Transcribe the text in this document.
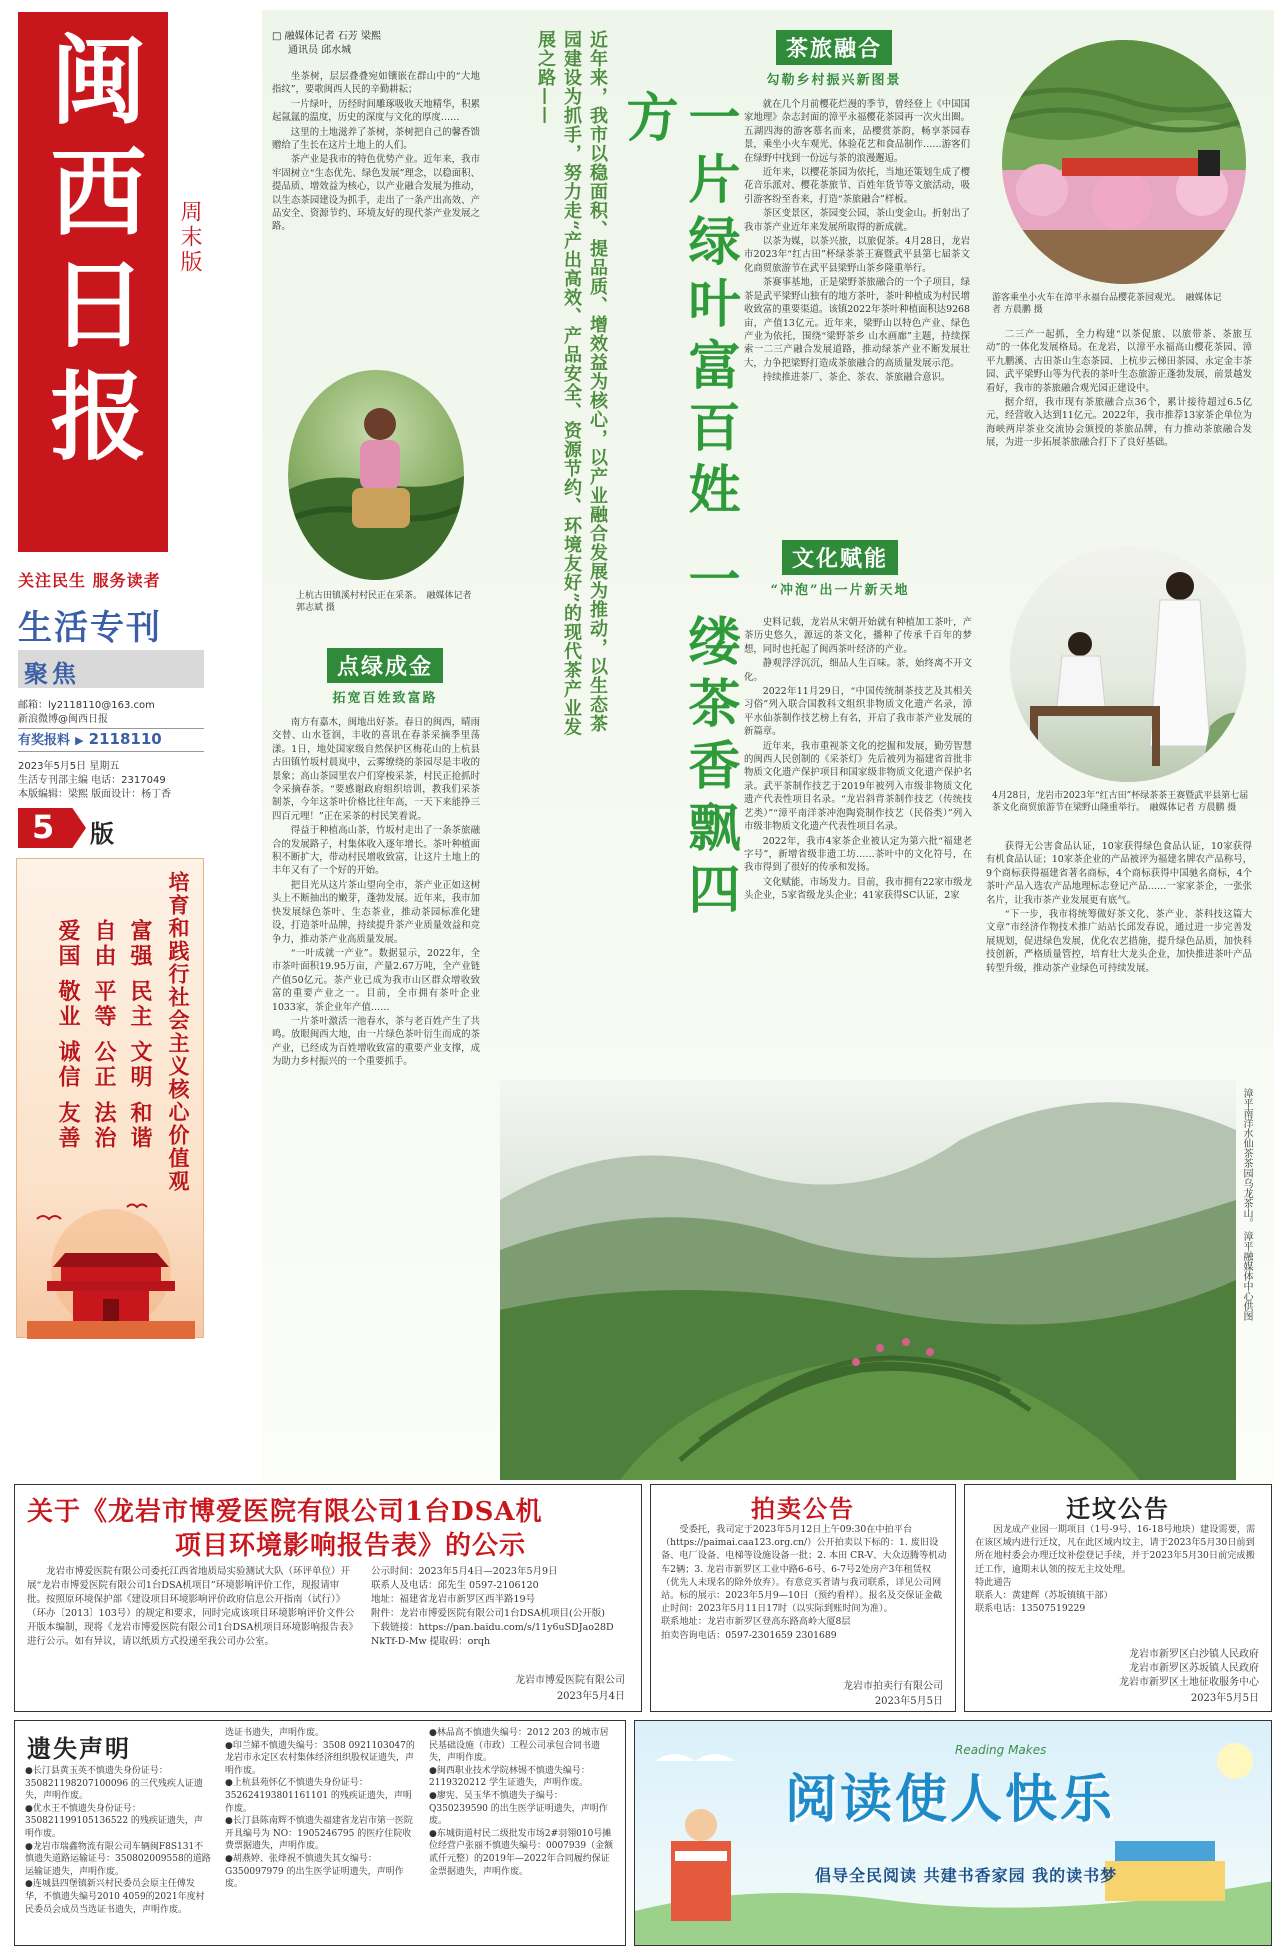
闽西日报 周末版
关注民生 服务读者
生活专刊
聚焦
邮箱：ly2118110@163.com
新浪微博@闽西日报
有奖报料 ▶ 2118110
2023年5月5日 星期五
生活专刊部主编 电话：2317049
本版编辑：梁熙 版面设计：杨丁香
5 版
培育和践行社会主义核心价值观
富强 民主 文明 和谐
自由 平等 公正 法治
爱国 敬业 诚信 友善
□ 融媒体记者 石芳 梁熙
通讯员 邱水城

坐茶树，层层叠叠宛如镶嵌在群山中的“大地指纹”，要歌闽西人民的辛勤耕耘；

一片绿叶，历经时间雕琢吸收天地精华，积累起氤氲的温度，历史的深度与文化的厚度……

这里的土地滋养了茶树，茶树把自己的馨香馈赠给了生长在这片土地上的人们。

茶产业是我市的特色优势产业。近年来，我市牢固树立“生态优先、绿色发展”理念，以稳面积、提品质、增效益为核心，以产业融合发展为推动，以生态茶园建设为抓手，走出了一条产出高效、产品安全、资源节约、环境友好的现代茶产业发展之路。

上杭古田镇溪村村民正在采茶。　融媒体记者 郭志斌 摄
点绿成金
拓宽百姓致富路

南方有嘉木，闽地出好茶。春日的闽西，晴雨交替、山水苍润，丰收的喜讯在春茶采摘季里荡漾。1日，地处国家级自然保护区梅花山的上杭县古田镇竹坂村晨岚中，云雾缭绕的茶园尽是丰收的景象；高山茶园里农户们穿梭采茶，村民正抢抓时令采摘春茶。“要感谢政府组织培训，教我们采茶制茶，今年这茶叶价格比往年高，一天下来能挣三四百元哩！”正在采茶的村民笑着说。

得益于种植高山茶，竹坂村走出了一条茶旅融合的发展路子，村集体收入逐年增长。茶叶种植面积不断扩大，带动村民增收致富，让这片土地上的丰年又有了一个好的开始。

把目光从这片茶山望向全市，茶产业正如这树头上不断抽出的嫩芽，蓬勃发展。近年来，我市加快发展绿色茶叶、生态茶业，推动茶园标准化建设，打造茶叶品牌，持续提升茶产业质量效益和竞争力，推动茶产业高质量发展。

“一叶成就一产业”。数据显示，2022年，全市茶叶面积19.95万亩，产量2.67万吨，全产业链产值50亿元。茶产业已成为我市山区群众增收致富的重要产业之一。目前，全市拥有茶叶企业1033家，茶企业年产值……

一片茶叶激活一池春水，茶与老百姓产生了共鸣。放眼闽西大地，由一片绿色茶叶衍生而成的茶产业，已经成为百姓增收致富的重要产业支撑，成为助力乡村振兴的一个重要抓手。

近年来，我市以稳面积、提品质、增效益为核心，以产业融合发展为推动，以生态茶园建设为抓手，努力走“产出高效、产品安全、资源节约、环境友好”的现代茶产业发展之路——
一片绿叶富百姓 一缕茶香飘四方
茶旅融合
勾勒乡村振兴新图景

就在几个月前樱花烂漫的季节，曾经登上《中国国家地理》杂志封面的漳平永福樱花茶园再一次火出圈。五湖四海的游客慕名而来，品樱赏茶韵，畅享茶园春景，乘坐小火车观光、体验花艺和食品制作……游客们在绿野中找到一份远与茶的浪漫邂逅。

近年来，以樱花茶园为依托，当地还策划生成了樱花音乐派对、樱花茶旅节、百姓年货节等文旅活动，吸引游客纷至沓来，打造“茶旅融合”样板。

茶区变景区，茶园变公园，茶山变金山。折射出了我市茶产业近年来发展所取得的新成就。

以茶为媒，以茶兴旅，以旅促茶。4月28日，龙岩市2023年“红古田”杯绿茶茶王赛暨武平县第七届茶文化商贸旅游节在武平县梁野山茶乡隆重举行。

茶赛事基地，正是梁野茶旅融合的一个子项目，绿茶是武平梁野山独有的地方茶叶，茶叶种植成为村民增收致富的重要渠道。该镇2022年茶叶种植面积达9268亩，产值13亿元。近年来，梁野山以特色产业、绿色产业为依托，围绕“梁野茶乡 山水画廊”主题，持续探索一二三产融合发展道路，推动绿茶产业不断发展壮大，力争把梁野打造成茶旅融合的高质量发展示范。

持续推进茶厂、茶企、茶农、茶旅融合意识。

游客乘坐小火车在漳平永福台品樱花茶园观光。　融媒体记者 方晨鹏 摄

二三产一起抓，全力构建“以茶促旅、以旅带茶、茶旅互动”的一体化发展格局。在龙岩，以漳平永福高山樱花茶园、漳平九鹏溪、古田茶山生态茶园、上杭步云梯田茶园、永定金丰茶园、武平梁野山等为代表的茶叶生态旅游正蓬勃发展，前景越发看好，我市的茶旅融合观光园正建设中。

据介绍，我市现有茶旅融合点36个，累计接待超过6.5亿元，经营收入达到11亿元。2022年，我市推荐13家茶企单位为海峡两岸茶业交流协会颁授的茶旅品牌，有力推动茶旅融合发展，为进一步拓展茶旅融合打下了良好基础。

文化赋能
“冲泡”出一片新天地

史料记载，龙岩从宋朝开始就有种植加工茶叶，产茶历史悠久，源远的茶文化，播种了传承千百年的梦想，同时也托起了闽西茶叶经济的产业。

静观浮浮沉沉，细品人生百味。茶，始终离不开文化。

2022年11月29日，“中国传统制茶技艺及其相关习俗”列入联合国教科文组织非物质文化遗产名录，漳平水仙茶制作技艺榜上有名，开启了我市茶产业发展的新篇章。

近年来，我市重视茶文化的挖掘和发展，勤劳智慧的闽西人民创制的《采茶灯》先后被列为福建省首批非物质文化遗产保护项目和国家级非物质文化遗产保护名录。武平茶制作技艺于2019年被列入市级非物质文化遗产代表性项目名录。“龙岩斜背茶制作技艺（传统技艺类）”“漳平南洋茶冲泡陶瓷制作技艺（民俗类）”列入市级非物质文化遗产代表性项目名录。

2022年，我市4家茶企业被认定为第六批“福建老字号”，新增省级非遗工坊……茶叶中的文化符号，在我市得到了很好的传承和发扬。

文化赋能，市场发力。目前，我市拥有22家市级龙头企业，5家省级龙头企业；41家获得SC认证，2家

4月28日，龙岩市2023年“红古田”杯绿茶茶王赛暨武平县第七届茶文化商贸旅游节在梁野山隆重举行。　融媒体记者 方晨鹏 摄

获得无公害食品认证，10家获得绿色食品认证，10家获得有机食品认证；10家茶企业的产品被评为福建名牌农产品称号，9个商标获得福建省著名商标，4个商标获得中国驰名商标，4个茶叶产品入选农产品地理标志登记产品……一家家茶企，一张张名片，让我市茶产业发展更有底气。

“下一步，我市将统筹做好茶文化、茶产业、茶科技这篇大文章”市经济作物技术推广站站长邱发春说，通过进一步完善发展规划，促进绿色发展，优化农艺措施，提升绿色品质，加快科技创新，严格质量管控，培育壮大龙头企业，加快推进茶叶产品转型升级，推动茶产业绿色可持续发展。

漳平南洋水仙茶茶园乌龙茶山。 漳平融媒体中心供图
关于《龙岩市博爱医院有限公司1台DSA机
项目环境影响报告表》的公示
龙岩市博爱医院有限公司委托江西省地质局实验测试大队（环评单位）开展“龙岩市博爱医院有限公司1台DSA机项目”环境影响评价工作，现报请审批。按照原环境保护部《建设项目环境影响评价政府信息公开指南（试行）》（环办〔2013〕103号）的规定和要求，同时完成该项目环境影响评价文件公开版本编制，现将《龙岩市博爱医院有限公司1台DSA机项目环境影响报告表》进行公示。如有异议，请以纸质方式投递至我公司办公室。
公示时间：2023年5月4日—2023年5月9日
联系人及电话：邱先生 0597-2106120
地址：福建省龙岩市新罗区西半路19号
附件：龙岩市博爱医院有限公司1台DSA机项目(公开版)
下载链接：https://pan.baidu.com/s/11y6uSDJao28D NkTf-D-Mw 提取码：orqh
龙岩市博爱医院有限公司
2023年5月4日
拍卖公告
受委托，我司定于2023年5月12日上午09:30在中拍平台（https://paimai.caa123.org.cn/）公开拍卖以下标的：1. 废旧设备、电厂设备、电梯等设施设备一批；2. 本田 CR-V、大众迈腾等机动车2辆；3. 龙岩市新罗区工业中路6-6号、6-7号2处房产3年租赁权（优先人未现名的除外放弃）。有意竞买者请与我司联系，详见公司网站。标的展示：2023年5月9—10日（预约看样）。报名及交保证金截止时间：2023年5月11日17时（以实际到账时间为准）。
联系地址：龙岩市新罗区登高东路高岭大厦8层
拍卖咨询电话：0597-2301659 2301689
龙岩市拍卖行有限公司
2023年5月5日
迁坟公告
因龙成产业园一期项目（1号-9号、16-18号地块）建设需要，需在该区域内进行迁坟，凡在此区域内坟主，请于2023年5月30日前到所在地村委会办理迁坟补偿登记手续，并于2023年5月30日前完成搬迁工作，逾期未认领的按无主坟处理。
特此通告
联系人：黄建辉（苏坂镇镇干部）
联系电话：13507519229
龙岩市新罗区白沙镇人民政府
龙岩市新罗区苏坂镇人民政府
龙岩市新罗区土地征收服务中心
2023年5月5日
遗失声明
●长汀县黄玉英不慎遗失身份证号：350821198207100096 的三代残疾人证遗失，声明作废。
●优水王不慎遗失身份证号：350821199105136522 的残疾证遗失，声明作废。
●龙岩市瑞鑫物流有限公司车辆闽F8S131不慎遗失道路运输证号：350802009558的道路运输证遗失，声明作废。
●连城县四堡镇新兴村民委员会原主任傅发华，不慎遗失编号2010 4059的2021年度村民委员会成员当选证书遗失，声明作废。
选证书遗失，声明作废。
●印兰娣不慎遗失编号：3508 0921103047的龙岩市永定区农村集体经济组织股权证遗失，声明作废。
●上杭县苑怀亿不慎遗失身份证号：352624193801161101 的残疾证遗失，声明作废。
●长汀县陈南辉不慎遗失福建省龙岩市第一医院开具编号为 NO：1905246795 的医疗住院收费票据遗失，声明作废。
●胡燕婷、张烽祝不慎遗失其女编号：G350097979 的出生医学证明遗失，声明作废。
●林品高不慎遗失编号：2012 203 的城市居民基础设施（市政）工程公司承包合同书遗失，声明作废。
●闽西职业技术学院林锡不慎遗失编号：2119320212 学生证遗失，声明作废。
●廖宪、吴玉华不慎遗失子编号：Q350239590 的出生医学证明遗失，声明作废。
●东城街道村民二级批发市场2#羽翎010号摊位经营户张丽不慎遗失编号：0007939（金额贰仟元整）的2019年—2022年合同履约保证金票据遗失，声明作废。
Reading Makes
阅读使人快乐
倡导全民阅读 共建书香家园 我的读书梦
